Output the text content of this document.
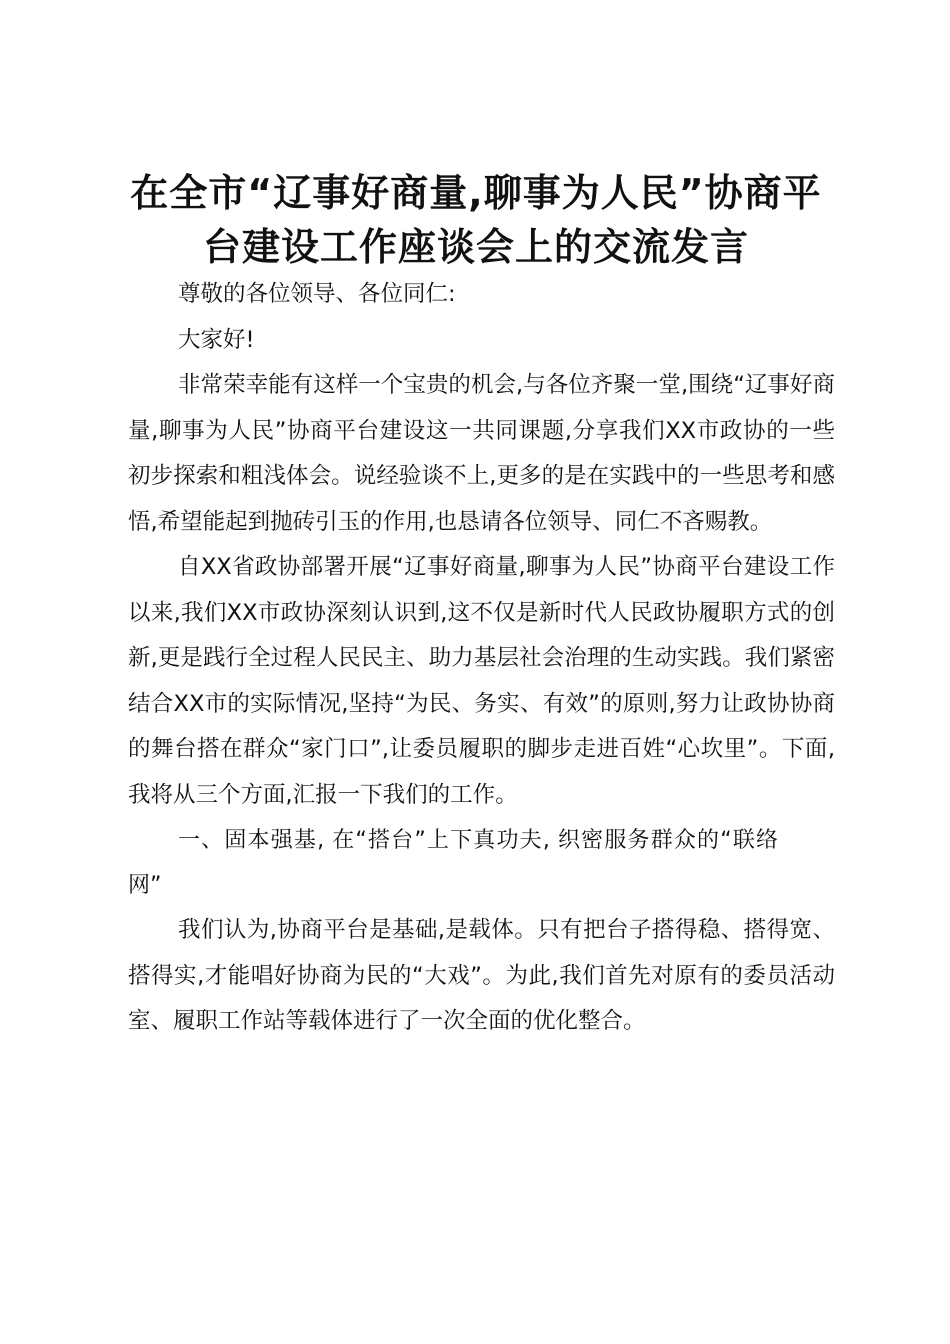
在全市“辽事好商量,聊事为人民”协商平台建设工作座谈会上的交流发言

尊敬的各位领导、各位同仁:

大家好!

非常荣幸能有这样一个宝贵的机会,与各位齐聚一堂,围绕“辽事好商量,聊事为人民”协商平台建设这一共同课题,分享我们XX市政协的一些初步探索和粗浅体会。说经验谈不上,更多的是在实践中的一些思考和感悟,希望能起到抛砖引玉的作用,也恳请各位领导、同仁不吝赐教。

自XX省政协部署开展“辽事好商量,聊事为人民”协商平台建设工作以来,我们XX市政协深刻认识到,这不仅是新时代人民政协履职方式的创新,更是践行全过程人民民主、助力基层社会治理的生动实践。我们紧密结合XX市的实际情况,坚持“为民、务实、有效”的原则,努力让政协协商的舞台搭在群众“家门口”,让委员履职的脚步走进百姓“心坎里”。下面,我将从三个方面,汇报一下我们的工作。

一、固本强基, 在“搭台”上下真功夫, 织密服务群众的“联络网”

我们认为,协商平台是基础,是载体。只有把台子搭得稳、搭得宽、搭得实,才能唱好协商为民的“大戏”。为此,我们首先对原有的委员活动室、履职工作站等载体进行了一次全面的优化整合。
